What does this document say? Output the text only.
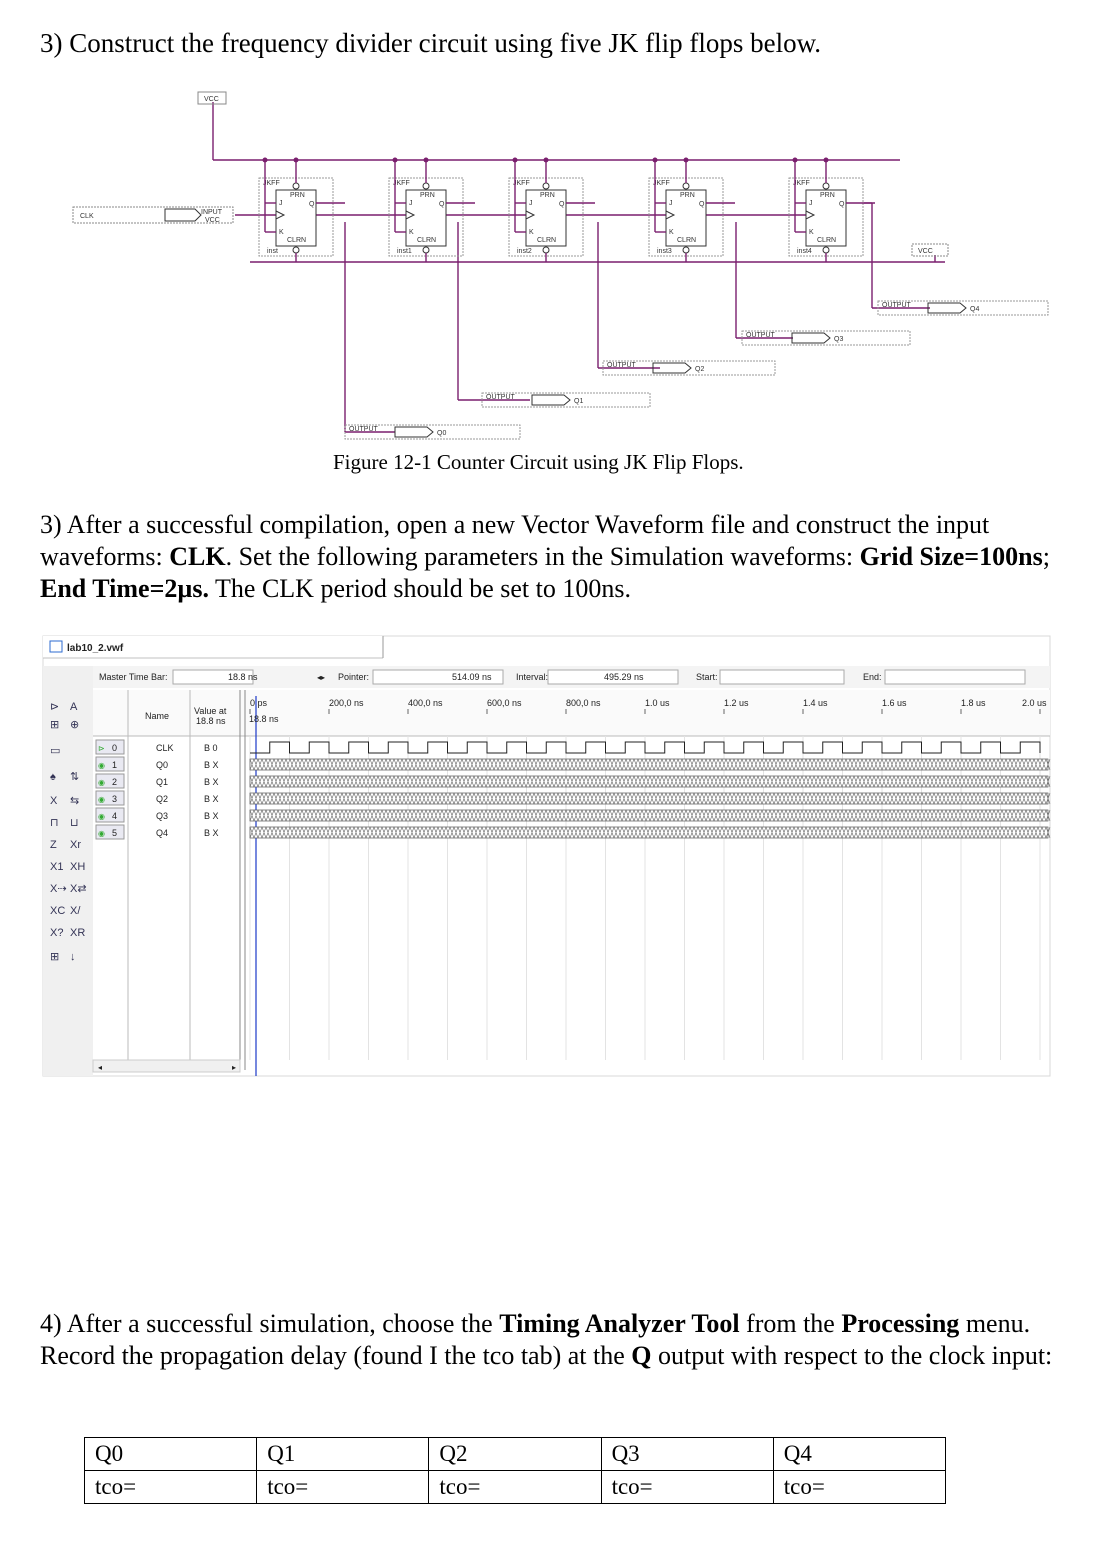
3) Construct the frequency divider circuit using five JK flip flops below.
VCC
CLK
INPUT
VCC
VCC
JKFF
PRN
CLRN
J
K
Q
inst
JKFF
PRN
CLRN
J
K
Q
inst1
JKFF
PRN
CLRN
J
K
Q
inst2
JKFF
PRN
CLRN
J
K
Q
inst3
JKFF
PRN
CLRN
J
K
Q
inst4
OUTPUT
Q0
OUTPUT
Q1
OUTPUT
Q2
OUTPUT
Q3
OUTPUT
Q4
Figure 12-1 Counter Circuit using JK Flip Flops.
3) After a successful compilation, open a new Vector Waveform file and construct the input waveforms: CLK. Set the following parameters in the Simulation waveforms: Grid Size=100ns; End Time=2µs. The CLK period should be set to 100ns.
lab10_2.vwf
⊳ A
⊕
⊞
▭
♠ ⇅
X ⇆
⊓ ⊔
Z Xr
X1 XH
X⇢ X⇄
XC X/
X? XR
⊞ ↓
Master Time Bar:	18.8 ns	◂▸ Pointer:	514.09 ns	Interval:	495.29 ns	Start:	End:
Name	Value at
18.8 ns
0 ps	200,0 ns	400,0 ns	600,0 ns	800,0 ns	1.0 us	1.2 us	1.4 us	1.6 us	1.8 us	2.0 us
18.8 ns
⊳ 0	CLK	B 0
◉ 1	Q0	B X
◉ 2	Q1	B X
◉ 3	Q2	B X
◉ 4	Q3	B X
◉ 5	Q4	B X
◂	▸
4) After a successful simulation, choose the Timing Analyzer Tool from the Processing menu. Record the propagation delay (found I the tco tab) at the Q output with respect to the clock input:
Q0	Q1	Q2	Q3	Q4
tco=	tco=	tco=	tco=	tco=
